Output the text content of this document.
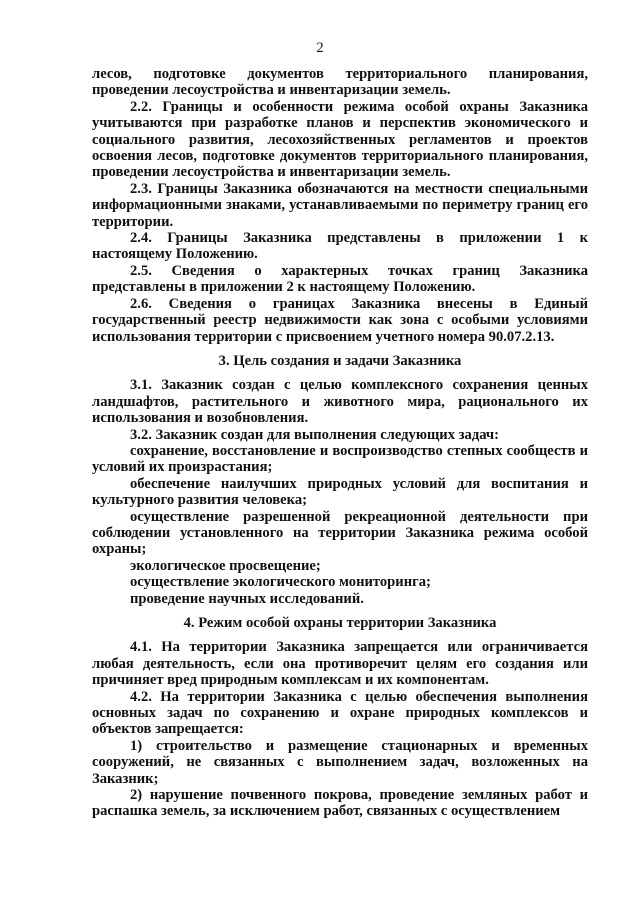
2

лесов, подготовке документов территориального планирования, проведении лесоустройства и инвентаризации земель.

2.2. Границы и особенности режима особой охраны Заказника учитываются при разработке планов и перспектив экономического и социального развития, лесохозяйственных регламентов и проектов освоения лесов, подготовке документов территориального планирования, проведении лесоустройства и инвентаризации земель.

2.3. Границы Заказника обозначаются на местности специальными информационными знаками, устанавливаемыми по периметру границ его территории.

2.4. Границы Заказника представлены в приложении 1 к настоящему Положению.

2.5. Сведения о характерных точках границ Заказника представлены в приложении 2 к настоящему Положению.

2.6. Сведения о границах Заказника внесены в Единый государственный реестр недвижимости как зона с особыми условиями использования территории с присвоением учетного номера 90.07.2.13.

3. Цель создания и задачи Заказника

3.1. Заказник создан с целью комплексного сохранения ценных ландшафтов, растительного и животного мира, рационального их использования и возобновления.

3.2. Заказник создан для выполнения следующих задач:

сохранение, восстановление и воспроизводство степных сообществ и условий их произрастания;

обеспечение наилучших природных условий для воспитания и культурного развития человека;

осуществление разрешенной рекреационной деятельности при соблюдении установленного на территории Заказника режима особой охраны;

экологическое просвещение;

осуществление экологического мониторинга;

проведение научных исследований.

4. Режим особой охраны территории Заказника

4.1. На территории Заказника запрещается или ограничивается любая деятельность, если она противоречит целям его создания или причиняет вред природным комплексам и их компонентам.

4.2. На территории Заказника с целью обеспечения выполнения основных задач по сохранению и охране природных комплексов и объектов запрещается:

1) строительство и размещение стационарных и временных сооружений, не связанных с выполнением задач, возложенных на Заказник;

2) нарушение почвенного покрова, проведение земляных работ и распашка земель, за исключением работ, связанных с осуществлением
